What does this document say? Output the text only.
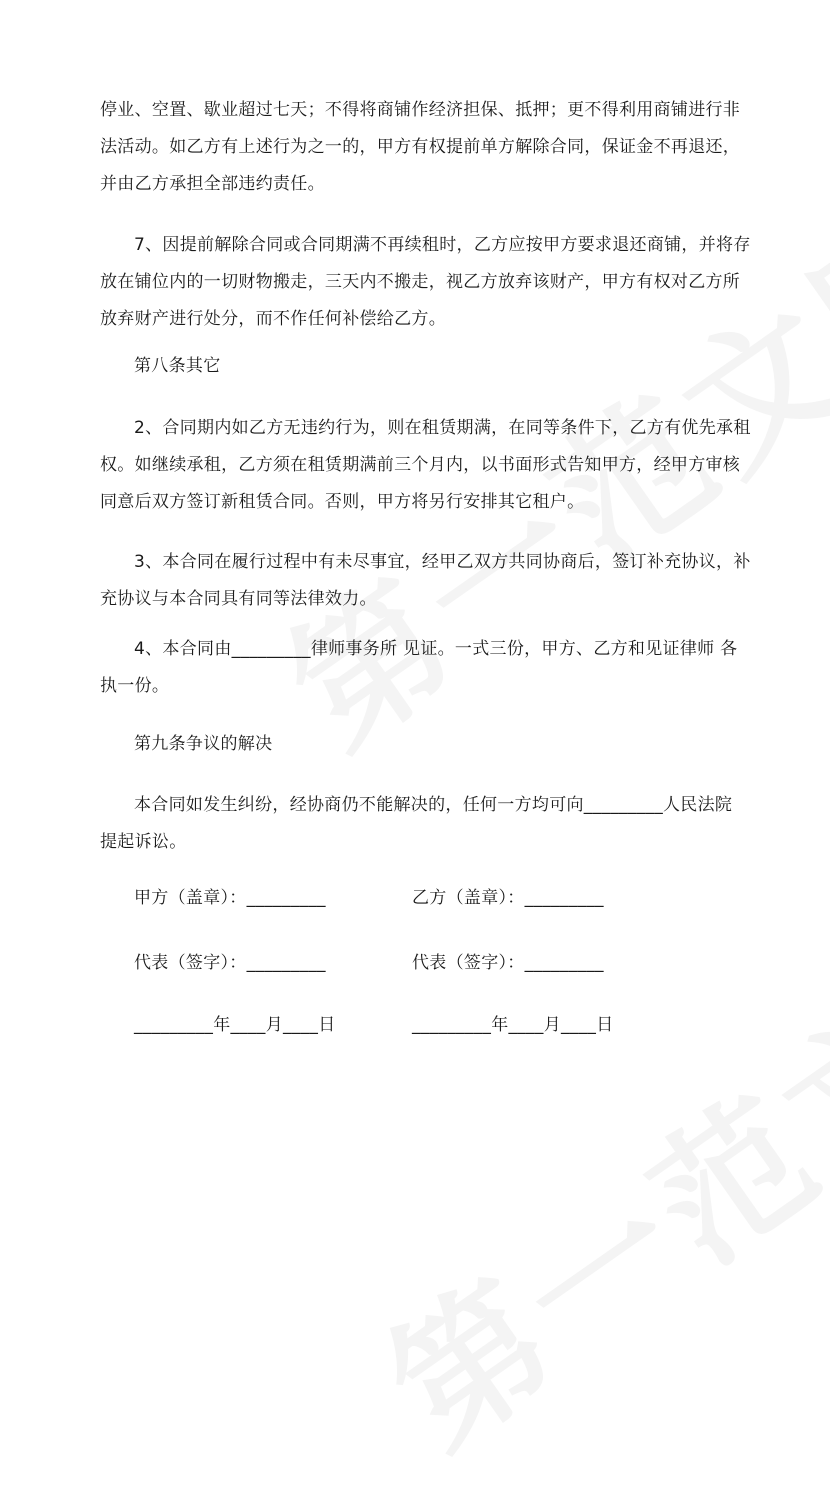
停业、空置、歇业超过七天；不得将商铺作经济担保、抵押；更不得利用商铺进行非
法活动。如乙方有上述行为之一的，甲方有权提前单方解除合同，保证金不再退还，
并由乙方承担全部违约责任。

7、因提前解除合同或合同期满不再续租时，乙方应按甲方要求退还商铺，并将存
放在铺位内的一切财物搬走，三天内不搬走，视乙方放弃该财产，甲方有权对乙方所
放弃财产进行处分，而不作任何补偿给乙方。

第八条其它

2、合同期内如乙方无违约行为，则在租赁期满，在同等条件下，乙方有优先承租
权。如继续承租，乙方须在租赁期满前三个月内，以书面形式告知甲方，经甲方审核
同意后双方签订新租赁合同。否则，甲方将另行安排其它租户。

3、本合同在履行过程中有未尽事宜，经甲乙双方共同协商后，签订补充协议，补
充协议与本合同具有同等法律效力。

4、本合同由_________律师事务所 见证。一式三份，甲方、乙方和见证律师 各
执一份。

第九条争议的解决

本合同如发生纠纷，经协商仍不能解决的，任何一方均可向_________人民法院
提起诉讼。

甲方（盖章）：_________	乙方（盖章）：_________
代表（签字）：_________	代表（签字）：_________
_________年____月____日	_________年____月____日
